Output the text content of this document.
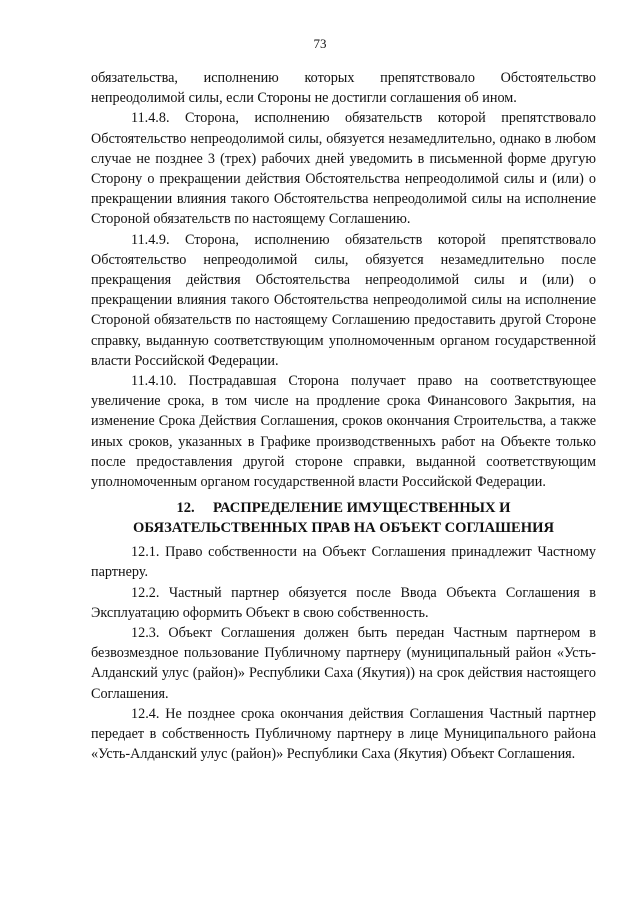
73

обязательства, исполнению которых препятствовало Обстоятельство непреодолимой силы, если Стороны не достигли соглашения об ином.

11.4.8. Сторона, исполнению обязательств которой препятствовало Обстоятельство непреодолимой силы, обязуется незамедлительно, однако в любом случае не позднее 3 (трех) рабочих дней уведомить в письменной форме другую Сторону о прекращении действия Обстоятельства непреодолимой силы и (или) о прекращении влияния такого Обстоятельства непреодолимой силы на исполнение Стороной обязательств по настоящему Соглашению.

11.4.9. Сторона, исполнению обязательств которой препятствовало Обстоятельство непреодолимой силы, обязуется незамедлительно после прекращения действия Обстоятельства непреодолимой силы и (или) о прекращении влияния такого Обстоятельства непреодолимой силы на исполнение Стороной обязательств по настоящему Соглашению предоставить другой Стороне справку, выданную соответствующим уполномоченным органом государственной власти Российской Федерации.

11.4.10. Пострадавшая Сторона получает право на соответствующее увеличение срока, в том числе на продление срока Финансового Закрытия, на изменение Срока Действия Соглашения, сроков окончания Строительства, а также иных сроков, указанных в Графике производственныхъ работ на Объекте только после предоставления другой стороне справки, выданной соответствующим уполномоченным органом государственной власти Российской Федерации.

12. РАСПРЕДЕЛЕНИЕ ИМУЩЕСТВЕННЫХ И
ОБЯЗАТЕЛЬСТВЕННЫХ ПРАВ НА ОБЪЕКТ СОГЛАШЕНИЯ

12.1. Право собственности на Объект Соглашения принадлежит Частному партнеру.

12.2. Частный партнер обязуется после Ввода Объекта Соглашения в Эксплуатацию оформить Объект в свою собственность.

12.3. Объект Соглашения должен быть передан Частным партнером в безвозмездное пользование Публичному партнеру (муниципальный район «Усть-Алданский улус (район)» Республики Саха (Якутия)) на срок действия настоящего Соглашения.

12.4. Не позднее срока окончания действия Соглашения Частный партнер передает в собственность Публичному партнеру в лице Муниципального района «Усть-Алданский улус (район)» Республики Саха (Якутия) Объект Соглашения.
